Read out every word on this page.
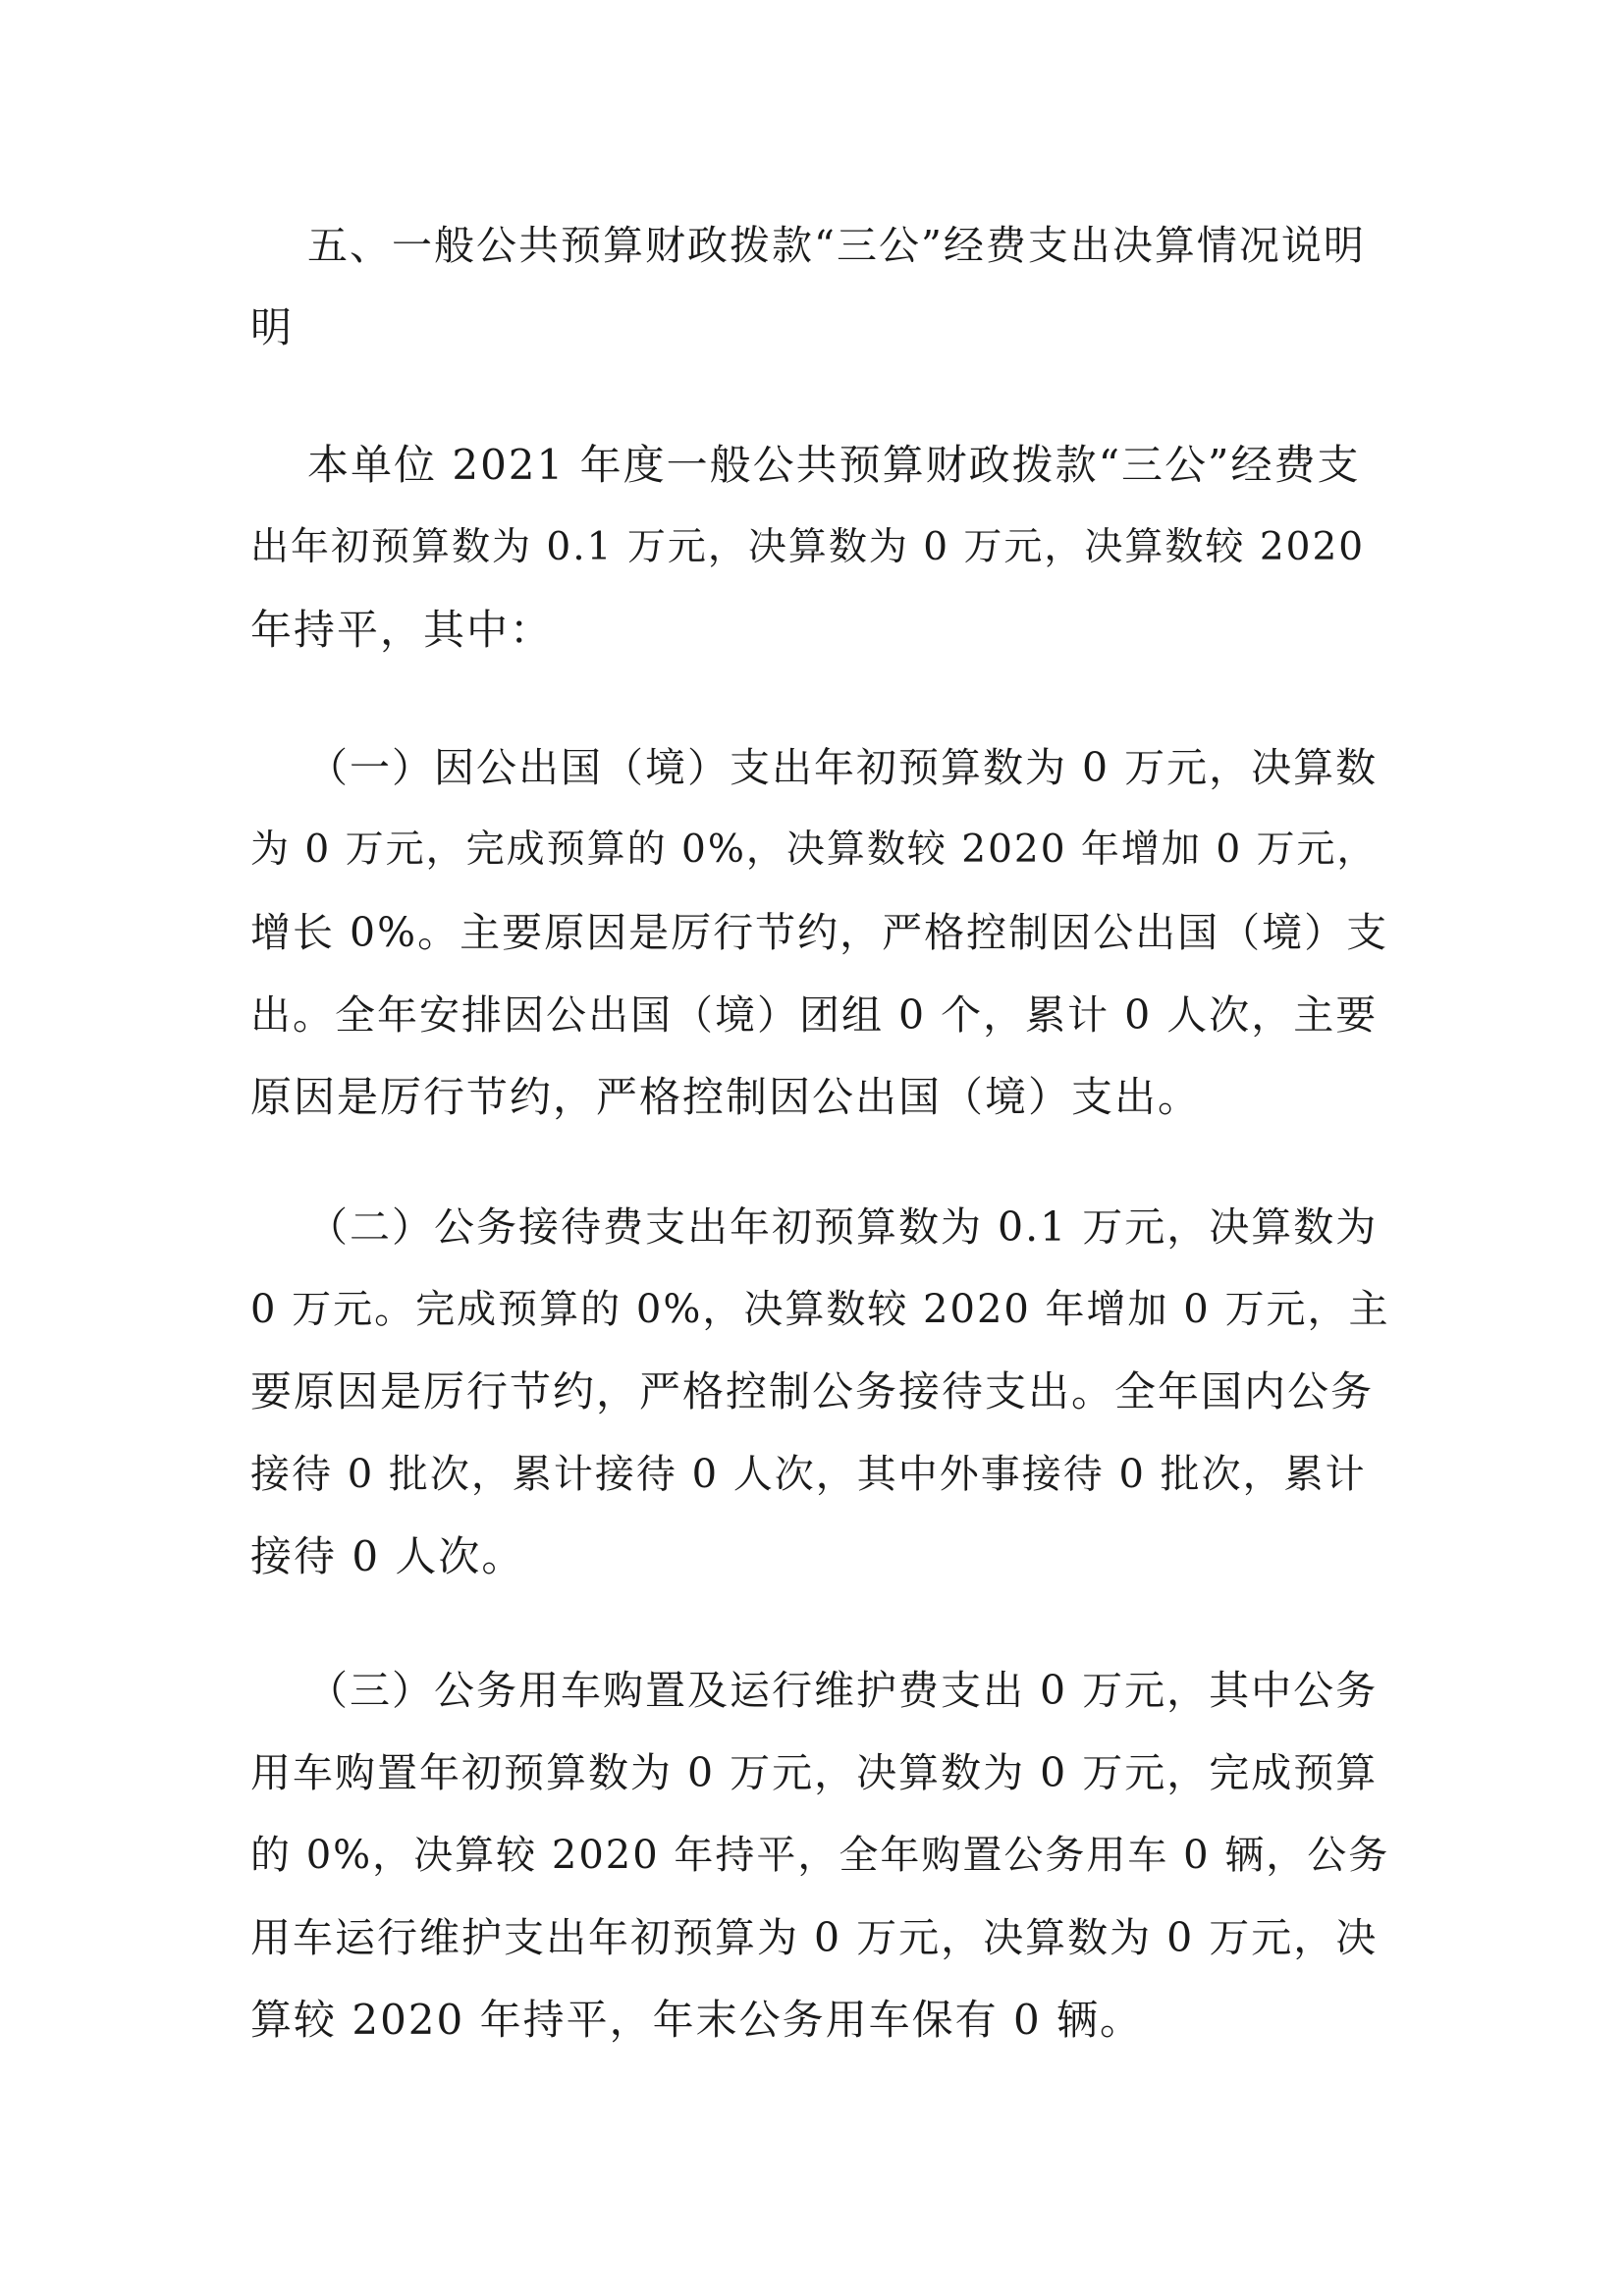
五、一般公共预算财政拨款“三公”经费支出决算情况说明

明

本单位 2021 年度一般公共预算财政拨款“三公”经费支

出年初预算数为 0.1 万元，决算数为 0 万元，决算数较 2020

年持平，其中：

（一）因公出国（境）支出年初预算数为 0 万元，决算数

为 0 万元，完成预算的 0%，决算数较 2020 年增加 0 万元，

增长 0%。主要原因是厉行节约，严格控制因公出国（境）支

出。全年安排因公出国（境）团组 0 个，累计 0 人次，主要

原因是厉行节约，严格控制因公出国（境）支出。

（二）公务接待费支出年初预算数为 0.1 万元，决算数为

0 万元。完成预算的 0%，决算数较 2020 年增加 0 万元，主

要原因是厉行节约，严格控制公务接待支出。全年国内公务

接待 0 批次，累计接待 0 人次，其中外事接待 0 批次，累计

接待 0 人次。

（三）公务用车购置及运行维护费支出 0 万元，其中公务

用车购置年初预算数为 0 万元，决算数为 0 万元，完成预算

的 0%，决算较 2020 年持平，全年购置公务用车 0 辆，公务

用车运行维护支出年初预算为 0 万元，决算数为 0 万元，决

算较 2020 年持平，年末公务用车保有 0 辆。
